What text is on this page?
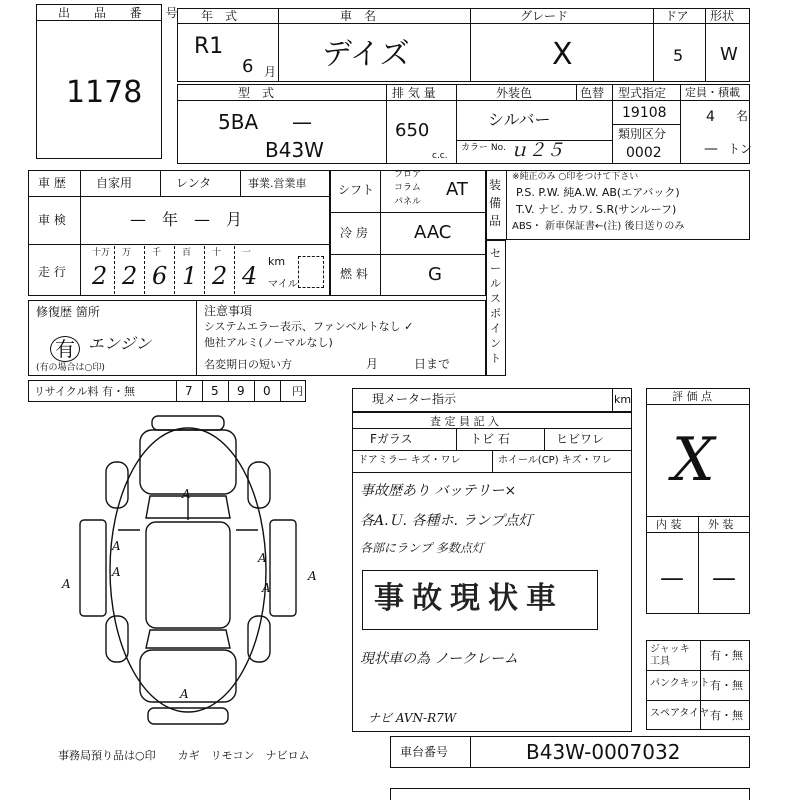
出 品 番 号
1178
年　式
R1
6 月
車　名
デイズ
グレード
X
ドア
5
形状
W
型　式
5BA —
B43W
排 気 量
650
c.c.
外装色	色替
シルバー
カラー No. ｕ２５
型式指定
19108
類別区分
0002
定員・積載
4 名
— トン
車 歴	自家用	レンタ	事業.営業車
車 検	—　年　—　月
走 行
十万
2
万
2
千
6
百
1
十
2
一
4
km
マイル
シフト
フロア
コラム
パネル
AT
冷 房	AAC
燃 料	G
装備品
※純正のみ ○印をつけて下さい
P.S. P.W. 純A.W. AB(エアバック)
T.V. ナビ. カワ. S.R(サンルーフ)
ABS・ 新車保証書←(注) 後日送りのみ
セールスポイント
修復歴 箇所
有 エンジン
(有の場合は○印)
注意事項
システムエラー表示、ファンベルトなし ✓
他社アルミ(ノーマルなし)
名変期日の短い方	月	日まで
リサイクル料 有・無	7 5 9 0 円
A
A
A
A
A
A
A
A
事務局預り品は○印　　カギ　リモコン　ナビロム
現メーター指示	km
査 定 員 記 入
Fガラス	トビ 石	ヒビワレ
ドアミラー キズ・ワレ	ホイール(CP) キズ・ワレ
事故歴あり バッテリー×
各A.Ｕ. 各種ホ. ランプ点灯
各部にランプ 多数点灯
事故現状車
現状車の為 ノークレーム
ナビ AVN-R7W
評 価 点
X
内 装 外 装
— —
ジャッキ工具	有・無
パンクキット 有・無
スペアタイヤ 有・無
車台番号	B43W-0007032
